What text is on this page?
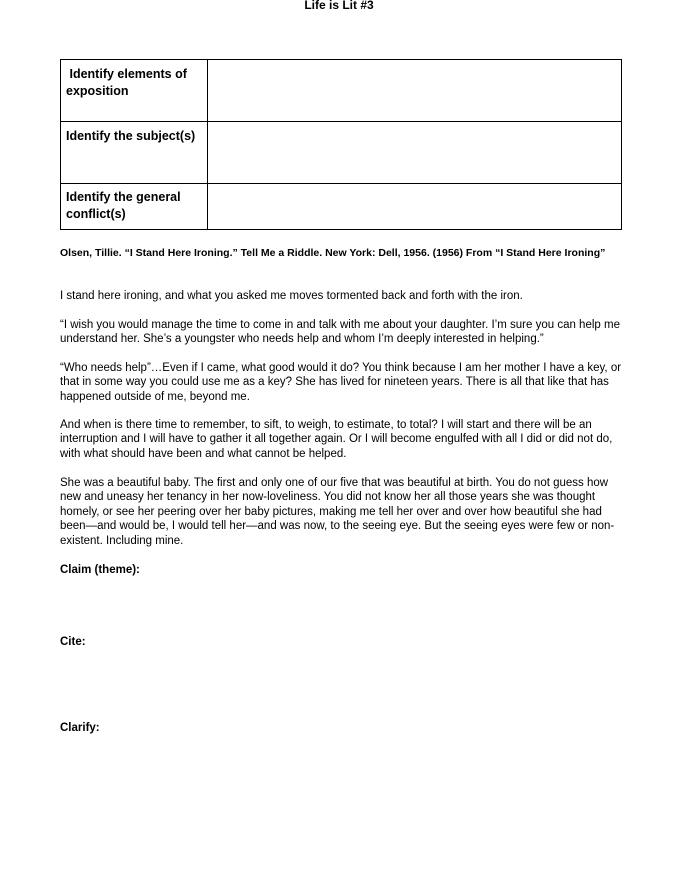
Life is Lit #3
Identify elements of exposition	
Identify the subject(s)	
Identify the general conflict(s)	
Olsen, Tillie. “I Stand Here Ironing.” Tell Me a Riddle. New York: Dell, 1956. (1956) From “I Stand Here Ironing”

I stand here ironing, and what you asked me moves tormented back and forth with the iron.

“I wish you would manage the time to come in and talk with me about your daughter. I’m sure you can help me understand her. She’s a youngster who needs help and whom I’m deeply interested in helping.”

“Who needs help”…Even if I came, what good would it do? You think because I am her mother I have a key, or that in some way you could use me as a key? She has lived for nineteen years. There is all that like that has happened outside of me, beyond me.

And when is there time to remember, to sift, to weigh, to estimate, to total? I will start and there will be an interruption and I will have to gather it all together again. Or I will become engulfed with all I did or did not do, with what should have been and what cannot be helped.

She was a beautiful baby. The first and only one of our five that was beautiful at birth. You do not guess how new and uneasy her tenancy in her now-loveliness. You did not know her all those years she was thought homely, or see her peering over her baby pictures, making me tell her over and over how beautiful she had been—and would be, I would tell her—and was now, to the seeing eye. But the seeing eyes were few or non-existent. Including mine.

Claim (theme):
Cite:
Clarify:
